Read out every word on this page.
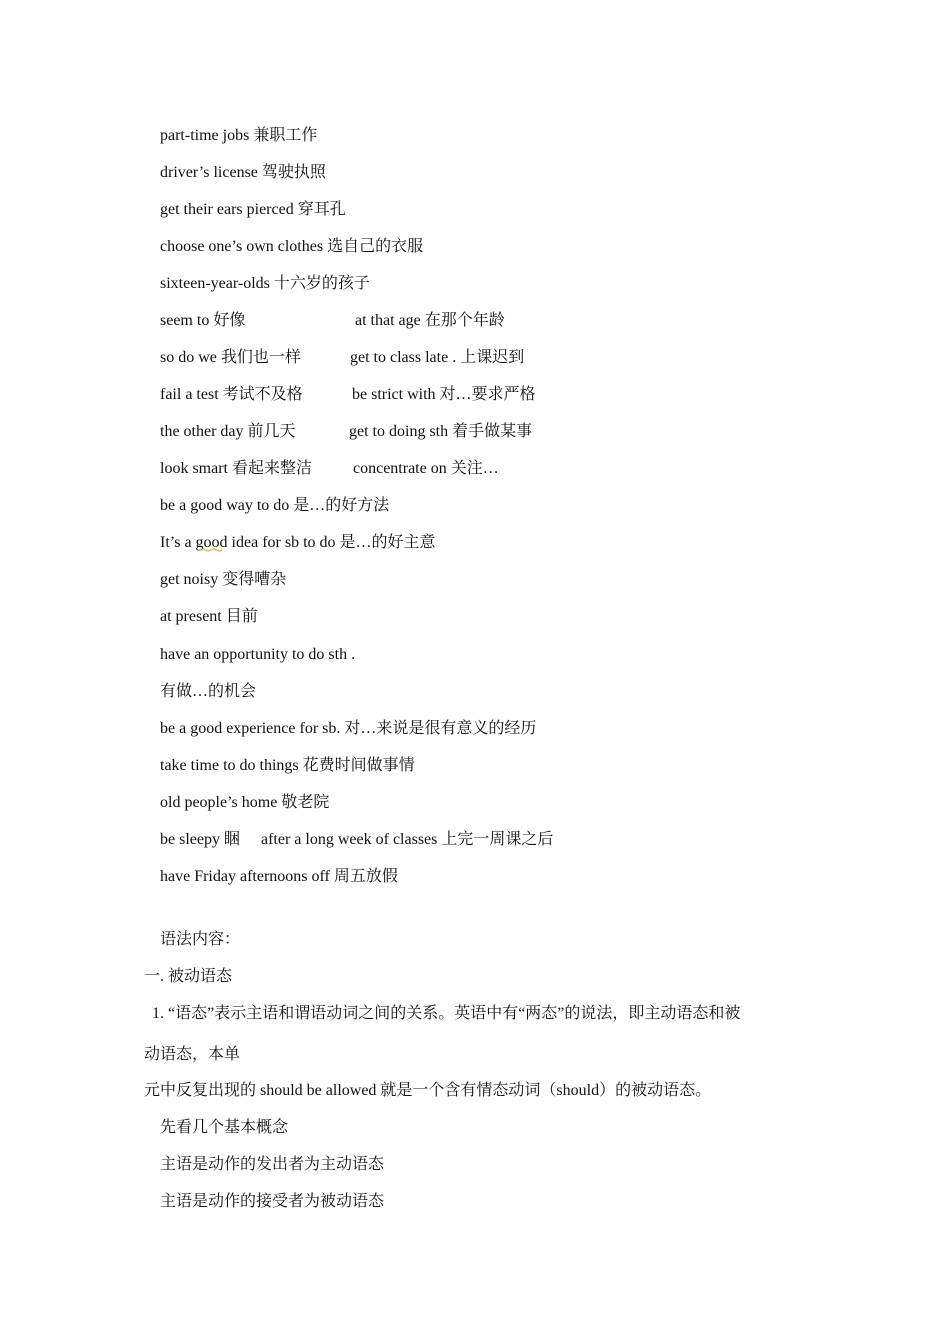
part-time jobs 兼职工作
driver’s license 驾驶执照
get their ears pierced 穿耳孔
choose one’s own clothes 选自己的衣服
sixteen-year-olds 十六岁的孩子
seem to 好像	at that age 在那个年龄
so do we 我们也一样	get to class late . 上课迟到
fail a test 考试不及格	be strict with 对…要求严格
the other day 前几天	get to doing sth 着手做某事
look smart 看起来整洁	concentrate on 关注…
be a good way to do 是…的好方法
It’s a good idea for sb to do 是…的好主意
get noisy 变得嘈杂
at present 目前
have an opportunity to do sth .
有做…的机会
be a good experience for sb. 对…来说是很有意义的经历
take time to do things 花费时间做事情
old people’s home 敬老院
be sleepy 睏 after a long week of classes 上完一周课之后
have Friday afternoons off 周五放假
语法内容：
一. 被动语态
1. “语态”表示主语和谓语动词之间的关系。英语中有“两态”的说法，即主动语态和被
动语态，本单
元中反复出现的 should be allowed 就是一个含有情态动词（should）的被动语态。
先看几个基本概念
主语是动作的发出者为主动语态
主语是动作的接受者为被动语态
